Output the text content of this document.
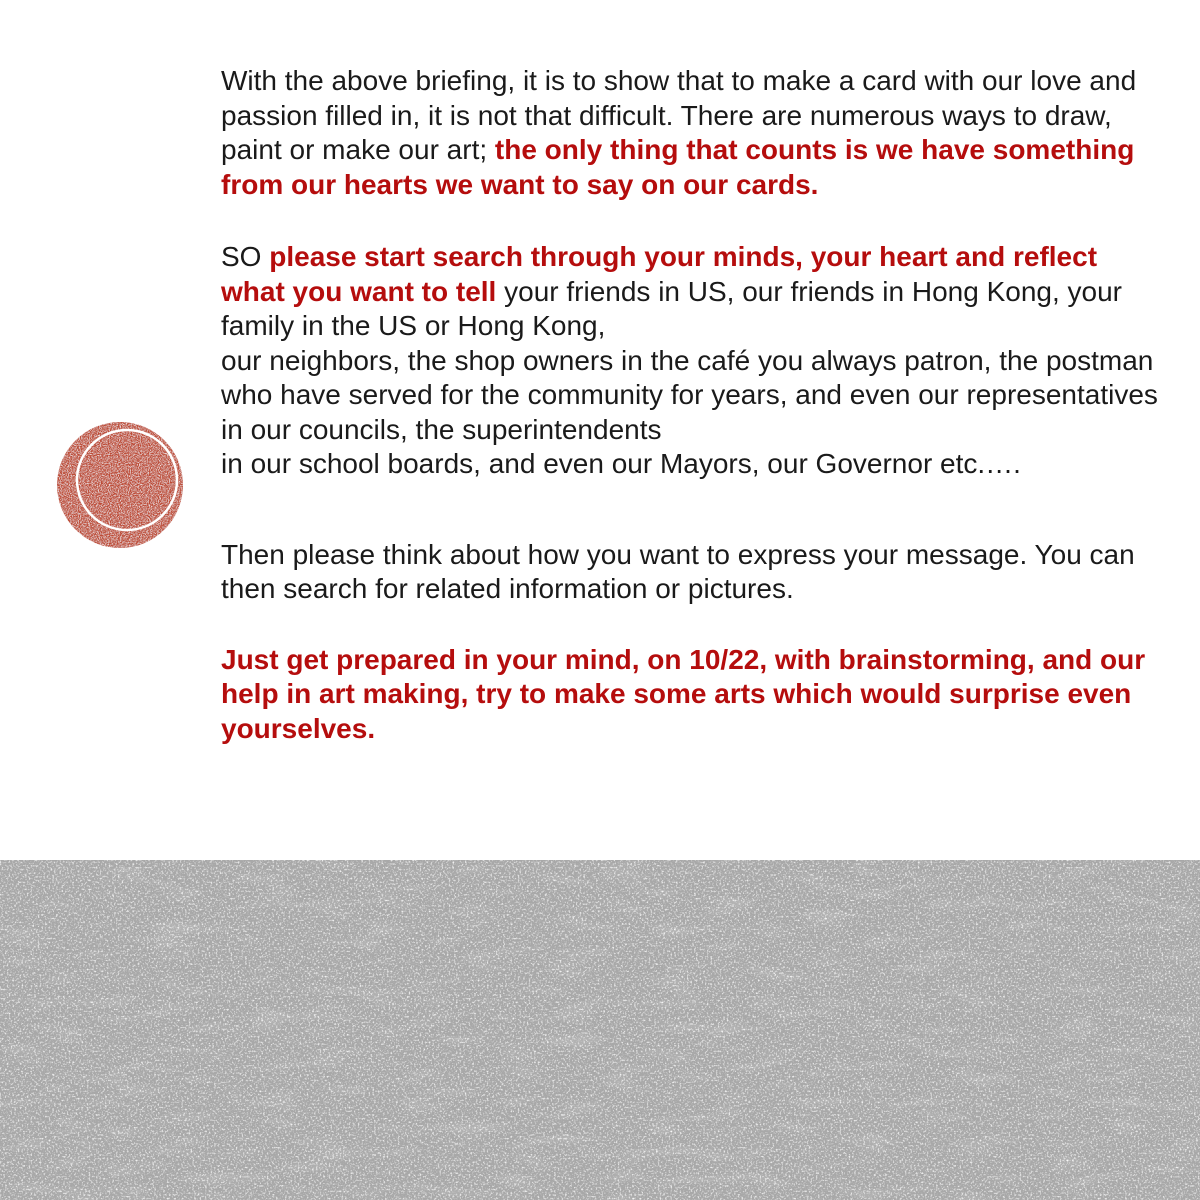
With the above briefing, it is to show that to make a card with our love and passion filled in, it is not that difficult. There are numerous ways to draw, paint or make our art; the only thing that counts is we have something from our hearts we want to say on our cards.

SO please start search through your minds, your heart and reflect what you want to tell your friends in US, our friends in Hong Kong, your family in the US or Hong Kong,
our neighbors, the shop owners in the café you always patron, the postman who have served for the community for years, and even our representatives in our councils, the superintendents
in our school boards, and even our Mayors, our Governor etc.….

Then please think about how you want to express your message. You can then search for related information or pictures.

Just get prepared in your mind, on 10/22, with brainstorming, and our help in art making, try to make some arts which would surprise even yourselves.
